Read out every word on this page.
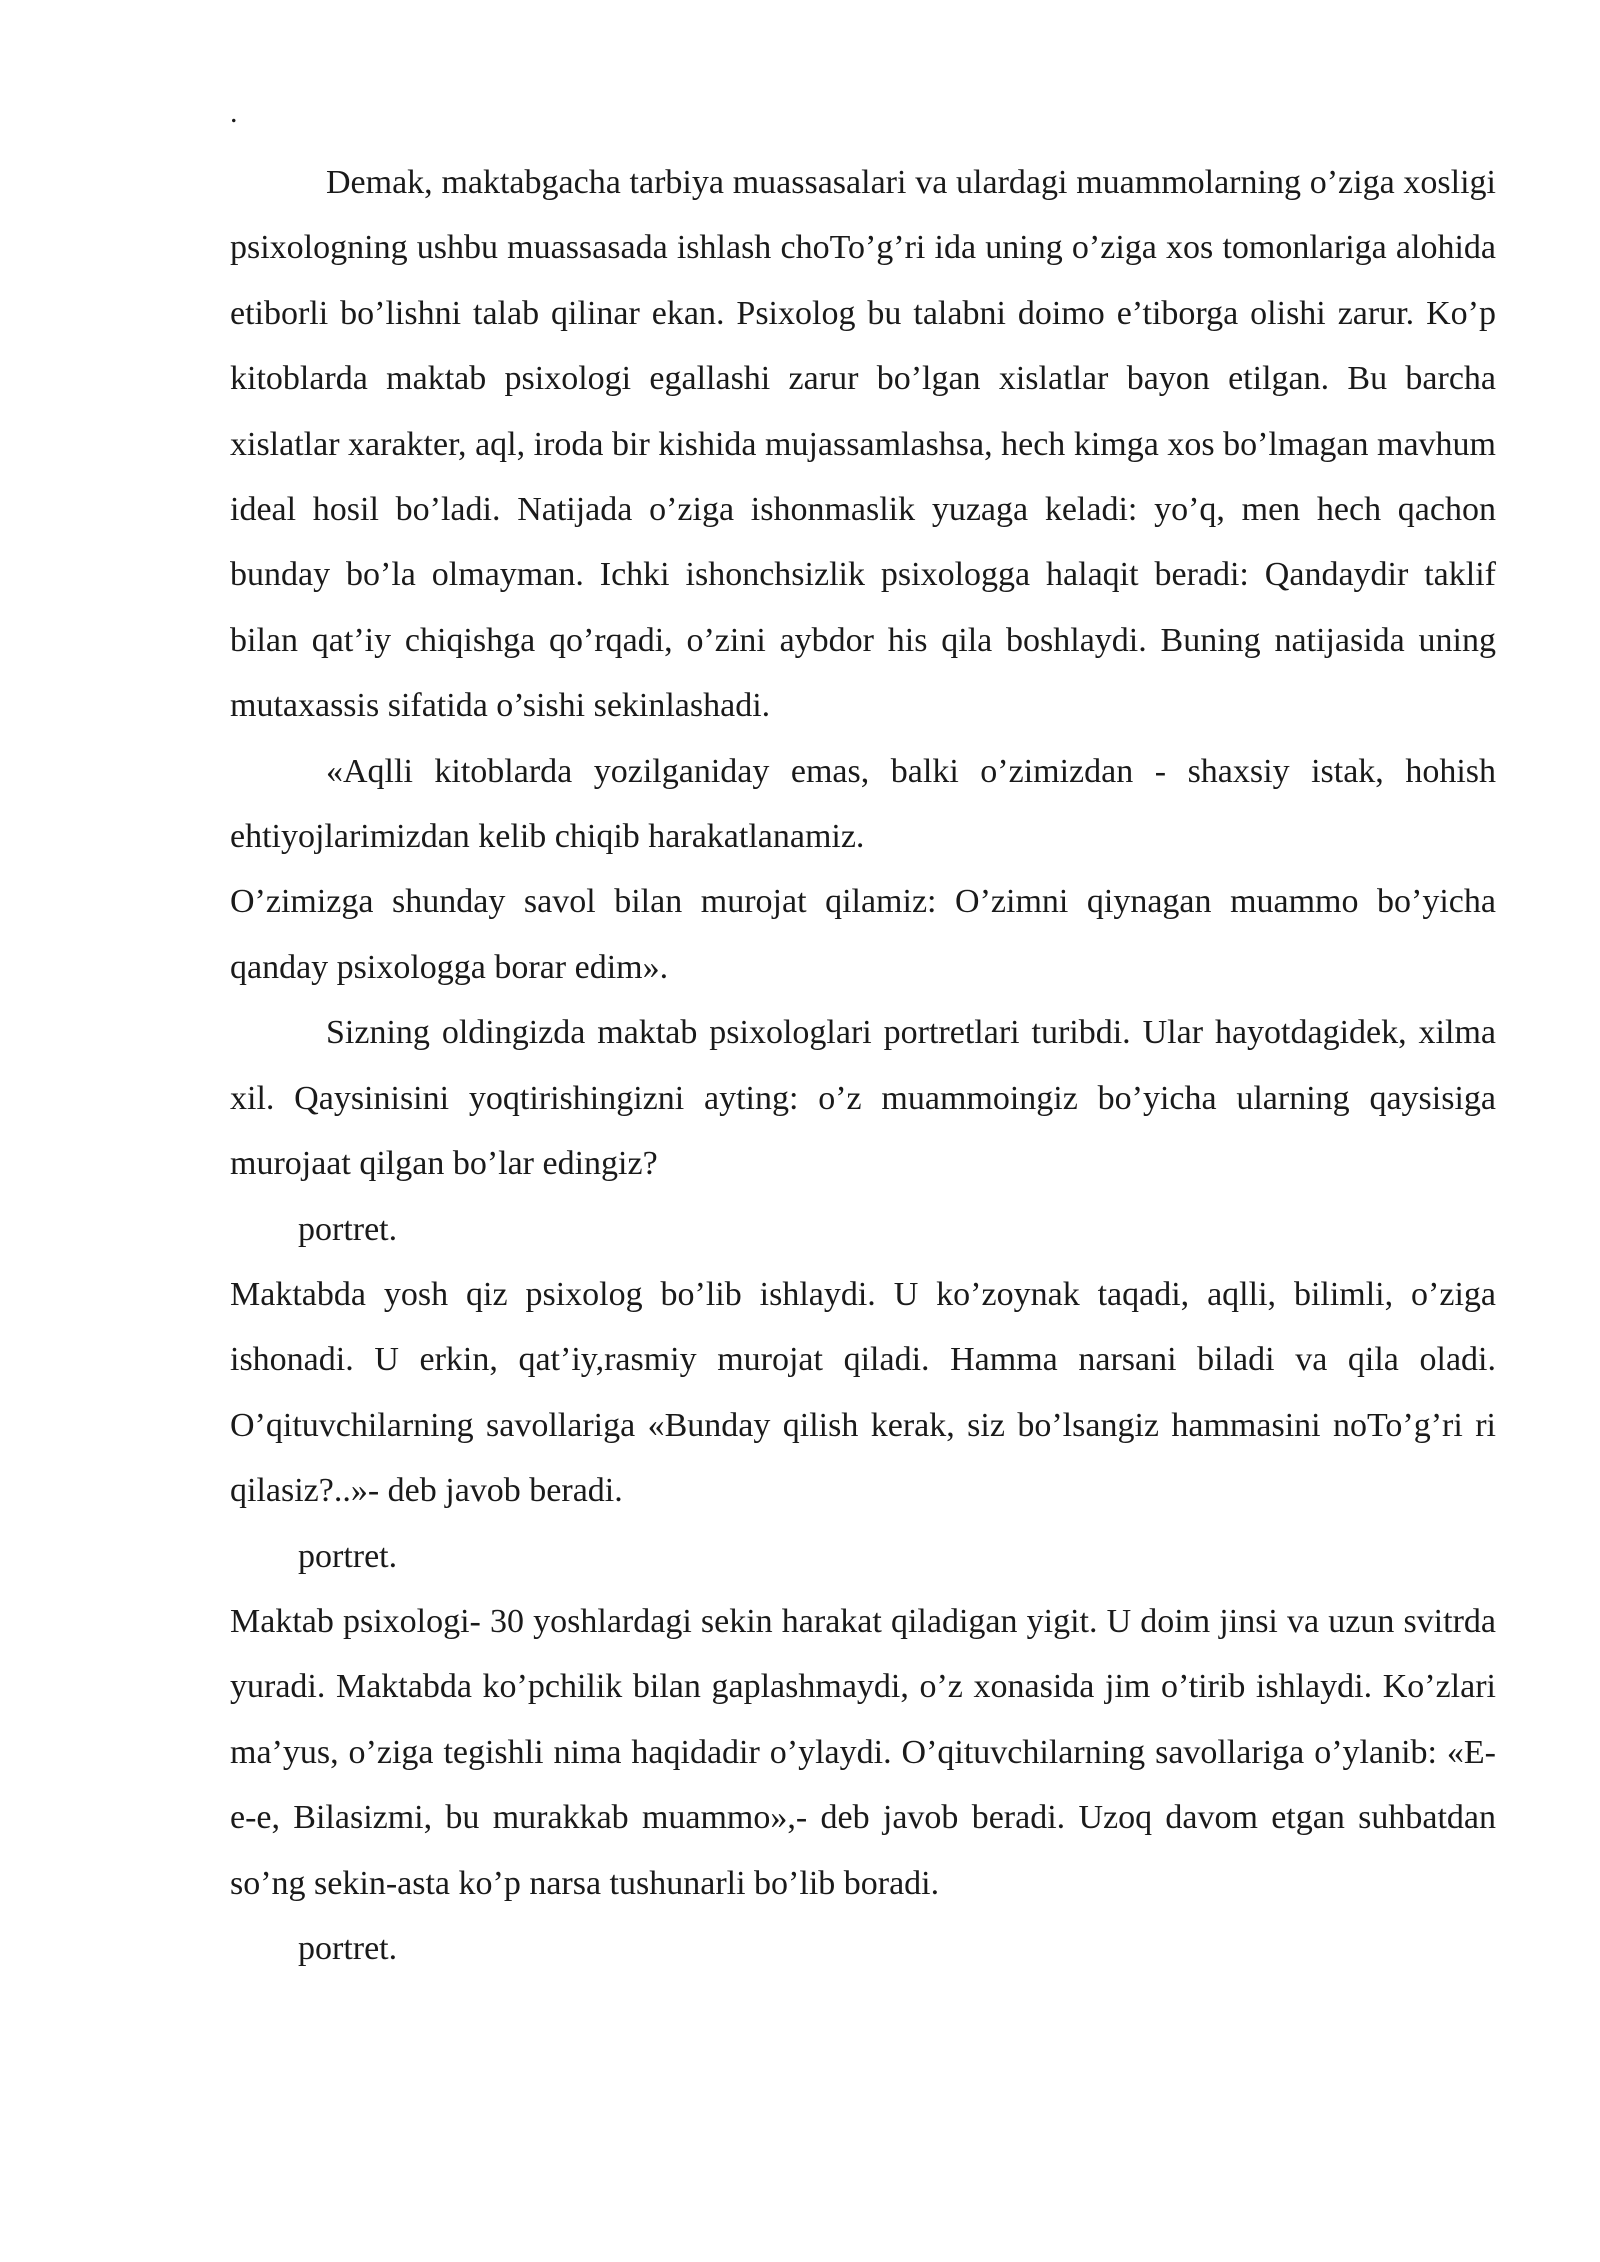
.

Demak, maktabgacha tarbiya muassasalari va ulardagi muammolarning o’ziga xosligi psixologning ushbu muassasada ishlash choTo’g’ri ida uning o’ziga xos tomonlariga alohida etiborli bo’lishni talab qilinar ekan. Psixolog bu talabni doimo e’tiborga olishi zarur. Ko’p kitoblarda maktab psixologi egallashi zarur bo’lgan xislatlar bayon etilgan. Bu barcha xislatlar xarakter, aql, iroda bir kishida mujassamlashsa, hech kimga xos bo’lmagan mavhum ideal hosil bo’ladi. Natijada o’ziga ishonmaslik yuzaga keladi: yo’q, men hech qachon bunday bo’la olmayman. Ichki ishonchsizlik psixologga halaqit beradi: Qandaydir taklif bilan qat’iy chiqishga qo’rqadi, o’zini aybdor his qila boshlaydi. Buning natijasida uning mutaxassis sifatida o’sishi sekinlashadi.

«Aqlli kitoblarda yozilganiday emas, balki o’zimizdan - shaxsiy istak, hohish ehtiyojlarimizdan kelib chiqib harakatlanamiz.

O’zimizga shunday savol bilan murojat qilamiz: O’zimni qiynagan muammo bo’yicha qanday psixologga borar edim».

Sizning oldingizda maktab psixologlari portretlari turibdi. Ular hayotdagidek, xilma xil. Qaysinisini yoqtirishingizni ayting: o’z muammoingiz bo’yicha ularning qaysisiga murojaat qilgan bo’lar edingiz?

portret.

Maktabda yosh qiz psixolog bo’lib ishlaydi. U ko’zoynak taqadi, aqlli, bilimli, o’ziga ishonadi. U erkin, qat’iy,rasmiy murojat qiladi. Hamma narsani biladi va qila oladi. O’qituvchilarning savollariga «Bunday qilish kerak, siz bo’lsangiz hammasini noTo’g’ri ri qilasiz?..»- deb javob beradi.

portret.

Maktab psixologi- 30 yoshlardagi sekin harakat qiladigan yigit. U doim jinsi va uzun svitrda yuradi. Maktabda ko’pchilik bilan gaplashmaydi, o’z xonasida jim o’tirib ishlaydi. Ko’zlari ma’yus, o’ziga tegishli nima haqidadir o’ylaydi. O’qituvchilarning savollariga o’ylanib: «E-e-e, Bilasizmi, bu murakkab muammo»,- deb javob beradi. Uzoq davom etgan suhbatdan so’ng sekin-asta ko’p narsa tushunarli bo’lib boradi.

portret.
